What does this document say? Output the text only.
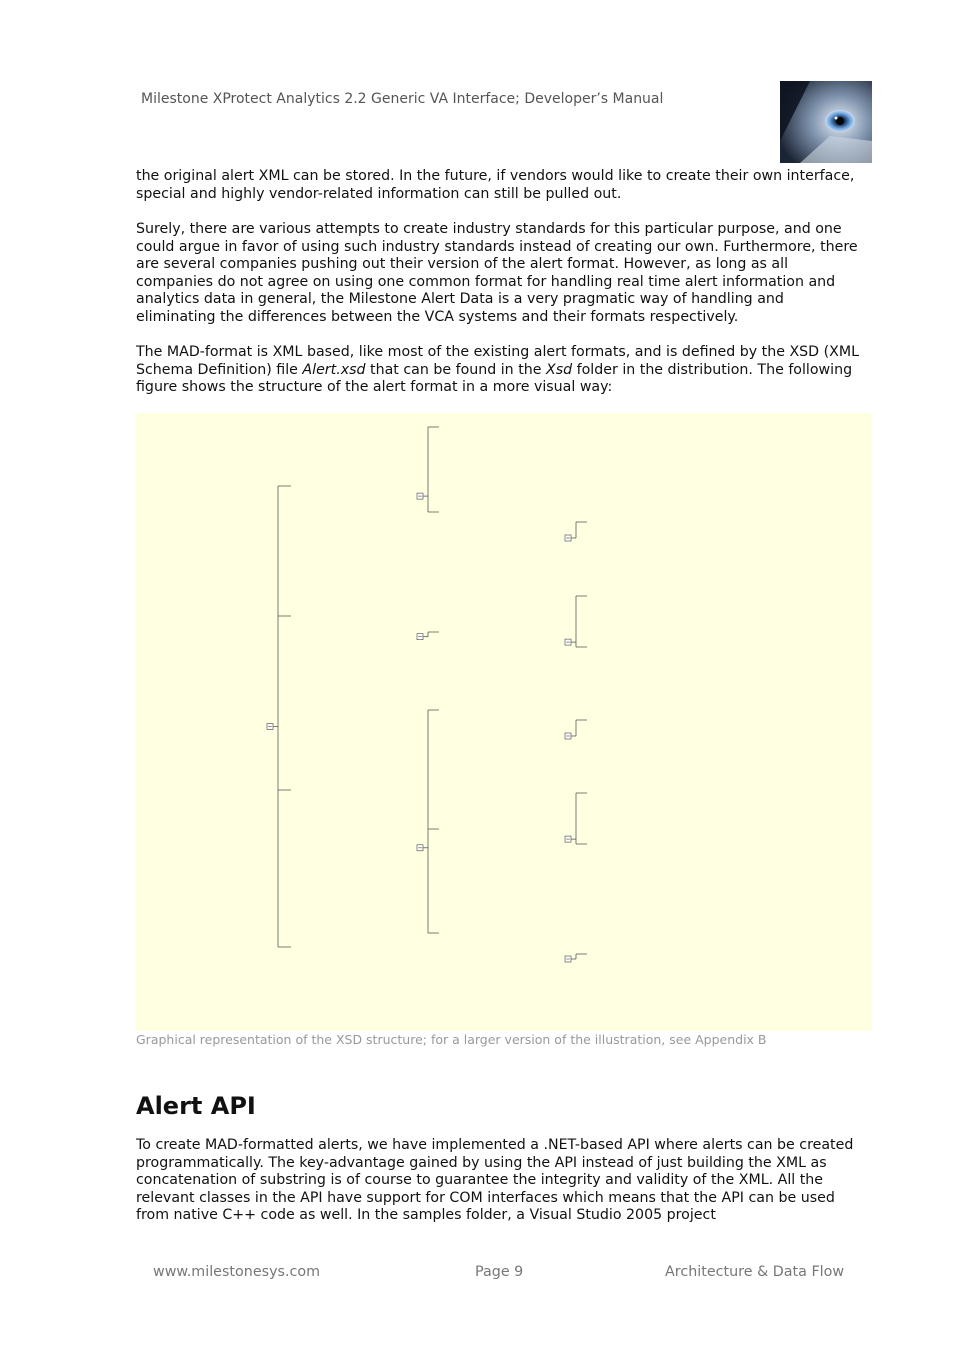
Milestone XProtect Analytics 2.2 Generic VA Interface; Developer’s Manual

the original alert XML can be stored. In the future, if vendors would like to create their own interface, special and highly vendor-related information can still be pulled out.

Surely, there are various attempts to create industry standards for this particular purpose, and one could argue in favor of using such industry standards instead of creating our own. Furthermore, there are several companies pushing out their version of the alert format. However, as long as all companies do not agree on using one common format for handling real time alert information and analytics data in general, the Milestone Alert Data is a very pragmatic way of handling and eliminating the differences between the VCA systems and their formats respectively.

The MAD-format is XML based, like most of the existing alert formats, and is defined by the XSD (XML Schema Definition) file Alert.xsd that can be found in the Xsd folder in the distribution. The following figure shows the structure of the alert format in a more visual way:

Graphical representation of the XSD structure; for a larger version of the illustration, see Appendix B
Alert API

To create MAD-formatted alerts, we have implemented a .NET-based API where alerts can be created programmatically. The key-advantage gained by using the API instead of just building the XML as concatenation of substring is of course to guarantee the integrity and validity of the XML. All the relevant classes in the API have support for COM interfaces which means that the API can be used from native C++ code as well. In the samples folder, a Visual Studio 2005 project

www.milestonesys.com	Page 9	Architecture & Data Flow
